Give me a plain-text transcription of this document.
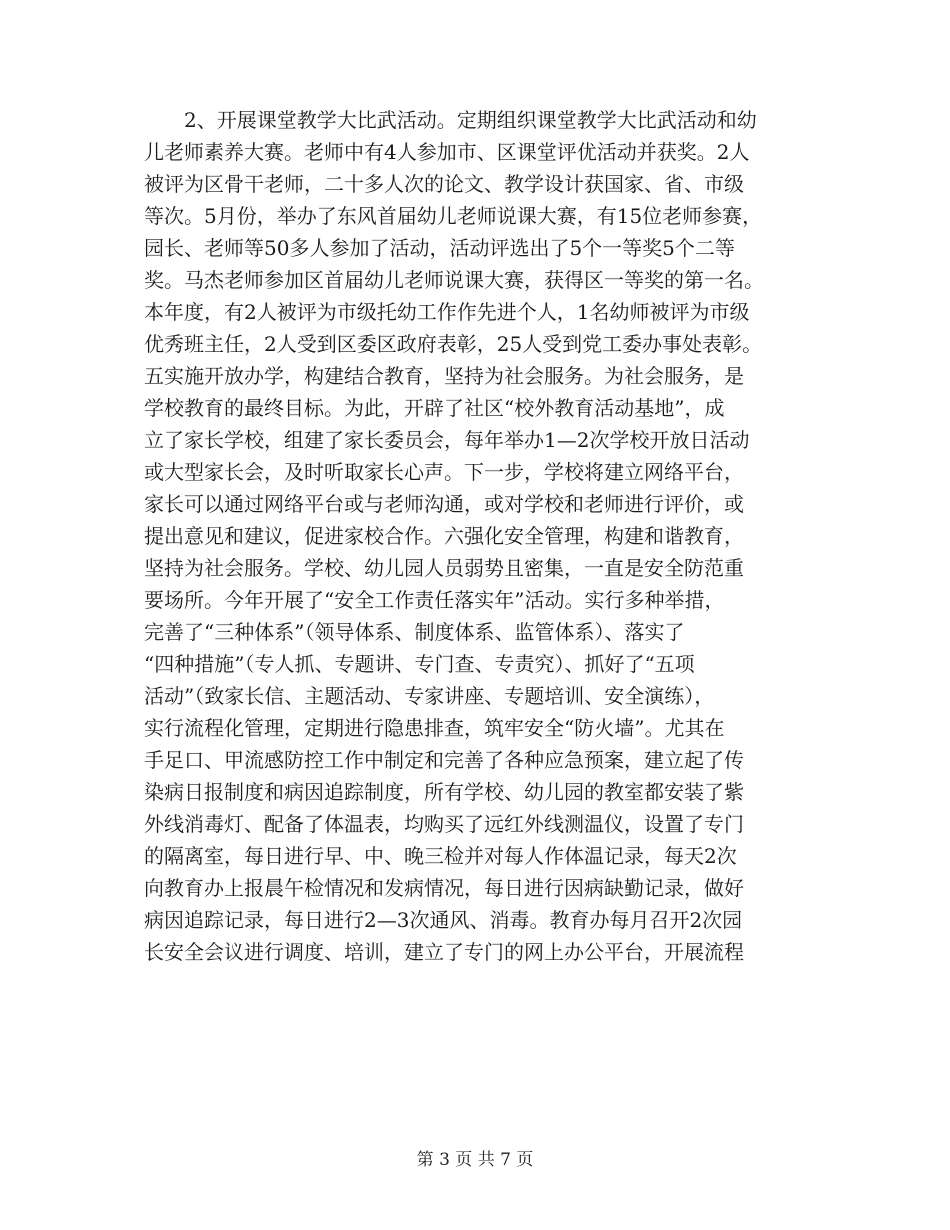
2、开展课堂教学大比武活动。定期组织课堂教学大比武活动和幼
儿老师素养大赛。老师中有4人参加市、区课堂评优活动并获奖。2人
被评为区骨干老师，二十多人次的论文、教学设计获国家、省、市级
等次。5月份，举办了东风首届幼儿老师说课大赛，有15位老师参赛，
园长、老师等50多人参加了活动，活动评选出了5个一等奖5个二等
奖。马杰老师参加区首届幼儿老师说课大赛，获得区一等奖的第一名。
本年度，有2人被评为市级托幼工作作先进个人，1名幼师被评为市级
优秀班主任，2人受到区委区政府表彰，25人受到党工委办事处表彰。
五实施开放办学，构建结合教育，坚持为社会服务。为社会服务，是
学校教育的最终目标。为此，开辟了社区“校外教育活动基地”，成
立了家长学校，组建了家长委员会，每年举办1—2次学校开放日活动
或大型家长会，及时听取家长心声。下一步，学校将建立网络平台，
家长可以通过网络平台或与老师沟通，或对学校和老师进行评价，或
提出意见和建议，促进家校合作。六强化安全管理，构建和谐教育，
坚持为社会服务。学校、幼儿园人员弱势且密集，一直是安全防范重
要场所。今年开展了“安全工作责任落实年”活动。实行多种举措，
完善了“三种体系”（领导体系、制度体系、监管体系）、落实了
“四种措施”（专人抓、专题讲、专门查、专责究）、抓好了“五项
活动”（致家长信、主题活动、专家讲座、专题培训、安全演练），
实行流程化管理，定期进行隐患排查，筑牢安全“防火墙”。尤其在
手足口、甲流感防控工作中制定和完善了各种应急预案，建立起了传
染病日报制度和病因追踪制度，所有学校、幼儿园的教室都安装了紫
外线消毒灯、配备了体温表，均购买了远红外线测温仪，设置了专门
的隔离室，每日进行早、中、晚三检并对每人作体温记录，每天2次
向教育办上报晨午检情况和发病情况，每日进行因病缺勤记录，做好
病因追踪记录，每日进行2—3次通风、消毒。教育办每月召开2次园
长安全会议进行调度、培训，建立了专门的网上办公平台，开展流程
第 3 页 共 7 页
